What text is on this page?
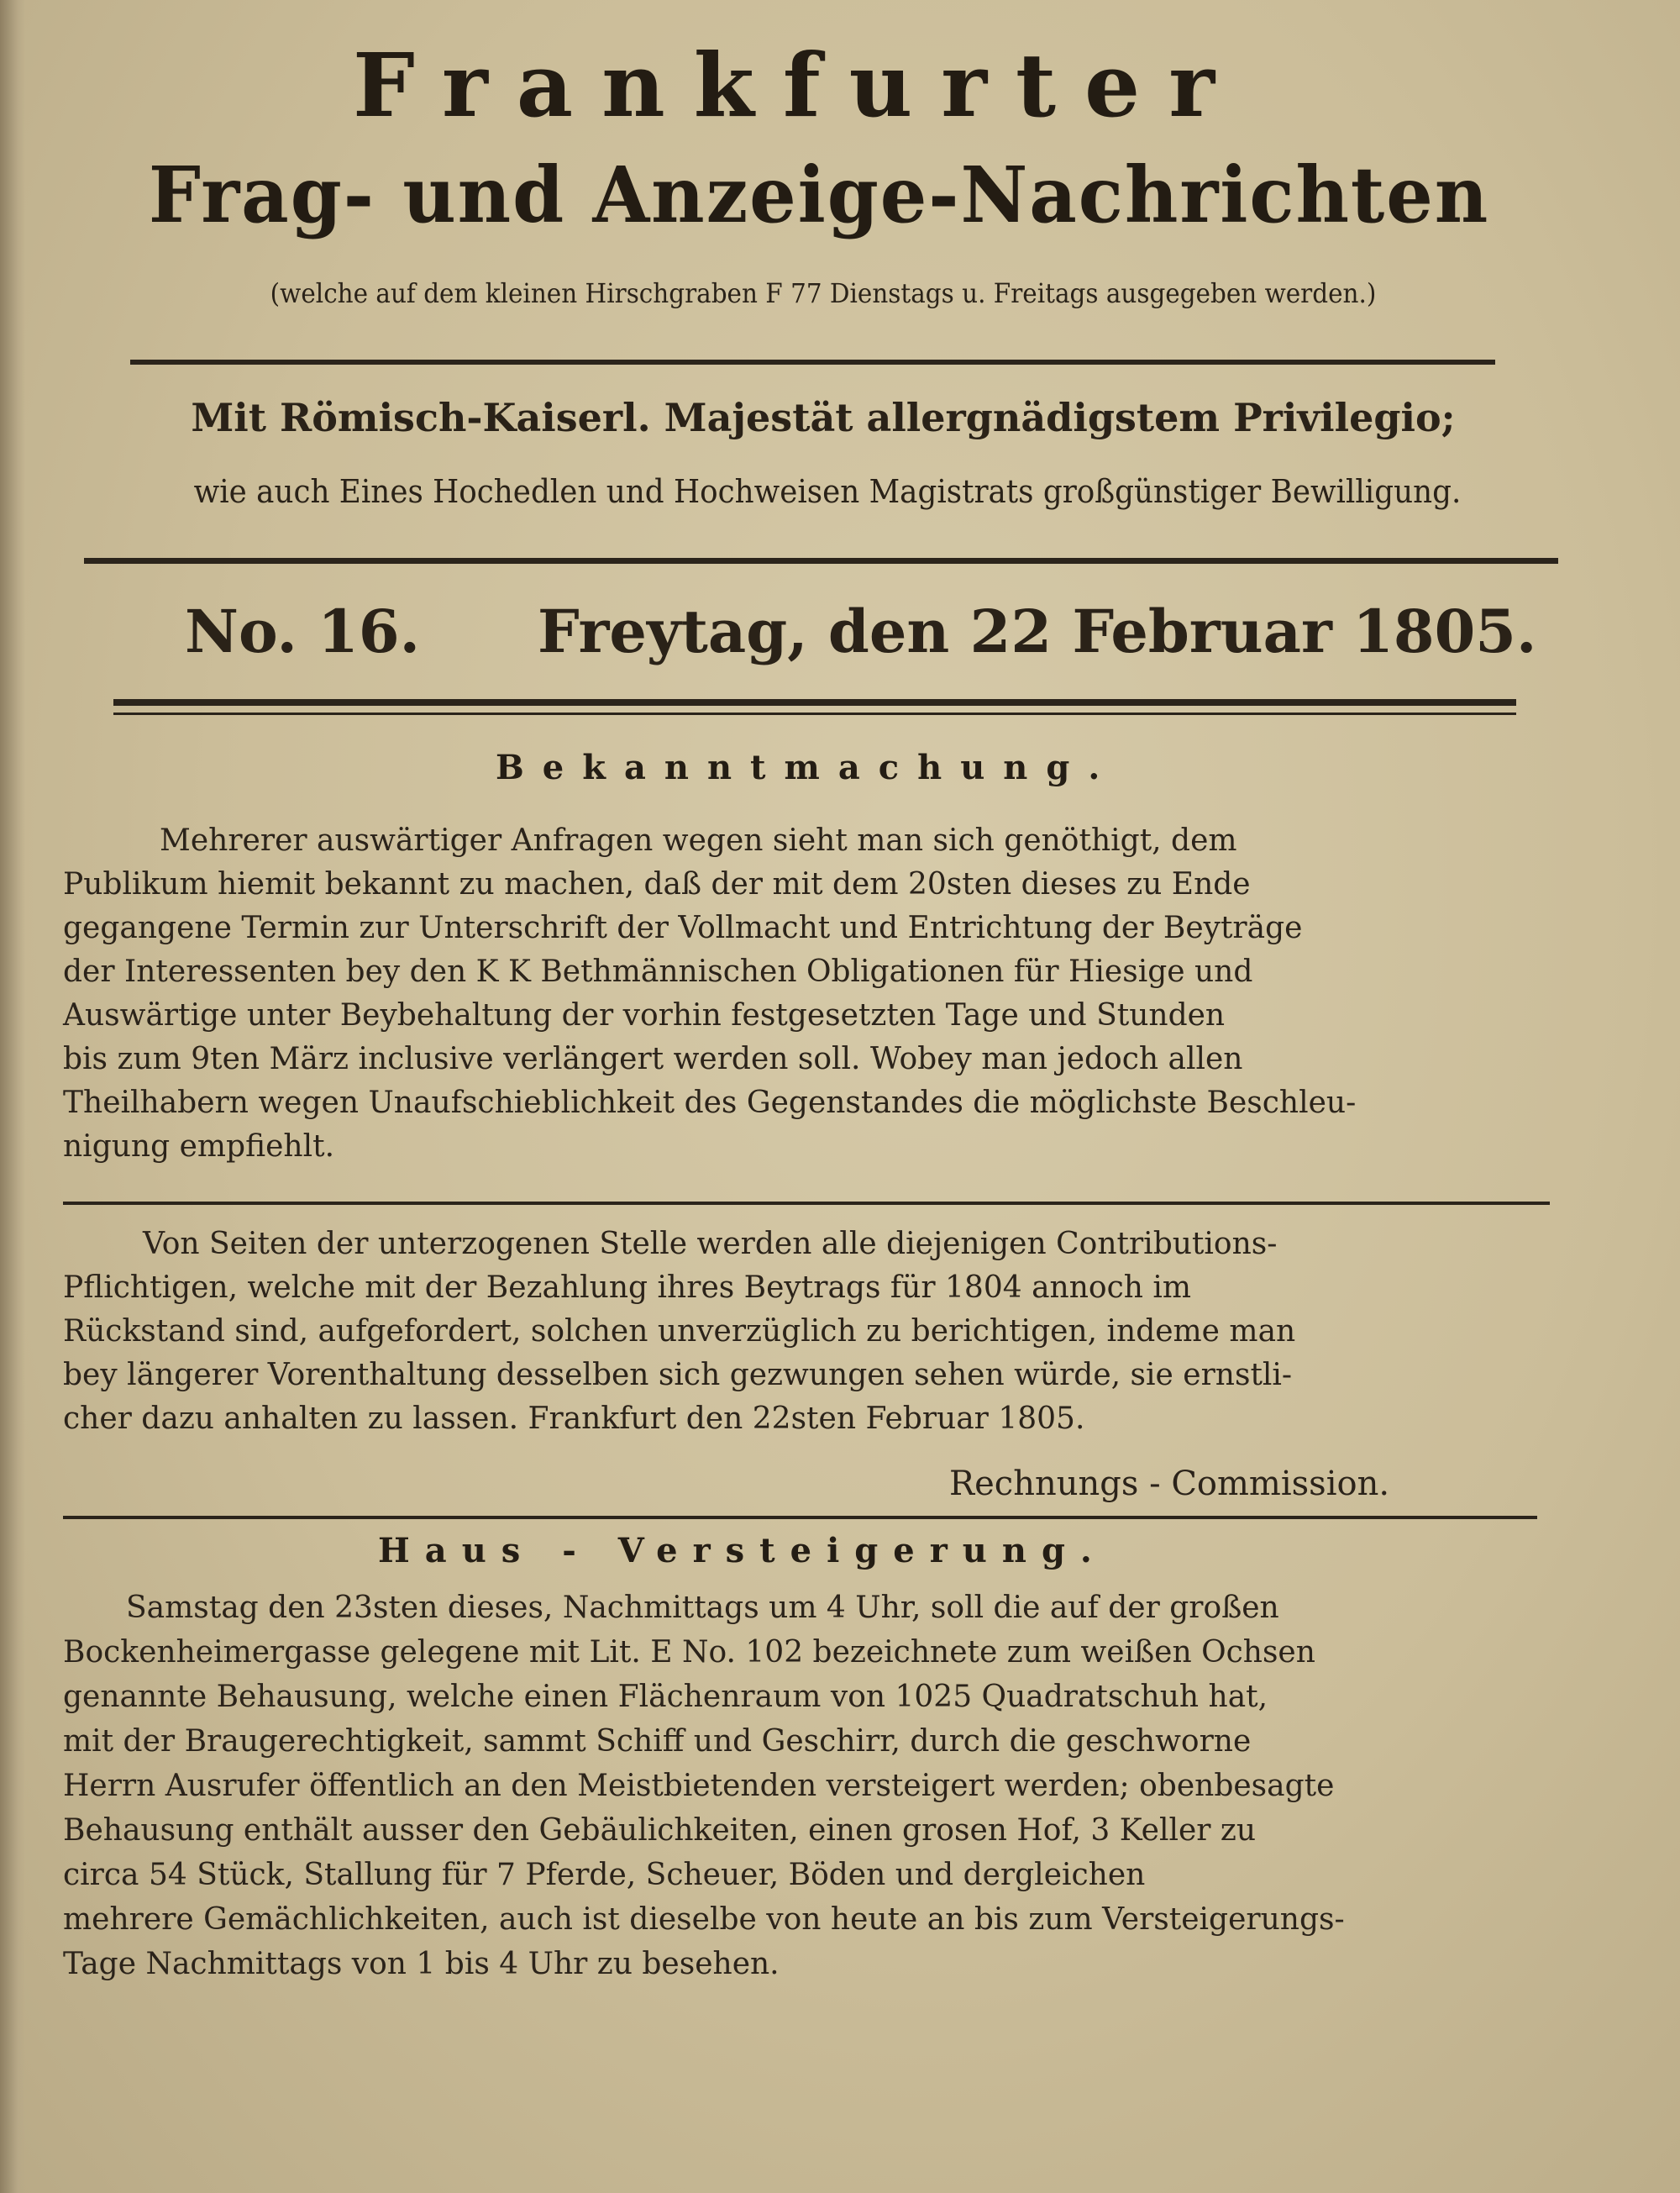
Frankfurter
Frag- und Anzeige-Nachrichten
(welche auf dem kleinen Hirschgraben F 77 Dienstags u. Freitags ausgegeben werden.)
Mit Römisch-Kaiserl. Majestät allergnädigstem Privilegio;
wie auch Eines Hochedlen und Hochweisen Magistrats großgünstiger Bewilligung.
No. 16. Freytag, den 22 Februar 1805.
Bekanntmachung.
Mehrerer auswärtiger Anfragen wegen sieht man sich genöthigt, dem
Publikum hiemit bekannt zu machen, daß der mit dem 20sten dieses zu Ende
gegangene Termin zur Unterschrift der Vollmacht und Entrichtung der Beyträge
der Interessenten bey den K K Bethmännischen Obligationen für Hiesige und
Auswärtige unter Beybehaltung der vorhin festgesetzten Tage und Stunden
bis zum 9ten März inclusive verlängert werden soll. Wobey man jedoch allen
Theilhabern wegen Unaufschieblichkeit des Gegenstandes die möglichste Beschleu-
nigung empfiehlt.
Von Seiten der unterzogenen Stelle werden alle diejenigen Contributions-
Pflichtigen, welche mit der Bezahlung ihres Beytrags für 1804 annoch im
Rückstand sind, aufgefordert, solchen unverzüglich zu berichtigen, indeme man
bey längerer Vorenthaltung desselben sich gezwungen sehen würde, sie ernstli-
cher dazu anhalten zu lassen. Frankfurt den 22sten Februar 1805.
Rechnungs - Commission.
Haus - Versteigerung.
Samstag den 23sten dieses, Nachmittags um 4 Uhr, soll die auf der großen
Bockenheimergasse gelegene mit Lit. E No. 102 bezeichnete zum weißen Ochsen
genannte Behausung, welche einen Flächenraum von 1025 Quadratschuh hat,
mit der Braugerechtigkeit, sammt Schiff und Geschirr, durch die geschworne
Herrn Ausrufer öffentlich an den Meistbietenden versteigert werden; obenbesagte
Behausung enthält ausser den Gebäulichkeiten, einen grosen Hof, 3 Keller zu
circa 54 Stück, Stallung für 7 Pferde, Scheuer, Böden und dergleichen
mehrere Gemächlichkeiten, auch ist dieselbe von heute an bis zum Versteigerungs-
Tage Nachmittags von 1 bis 4 Uhr zu besehen.
